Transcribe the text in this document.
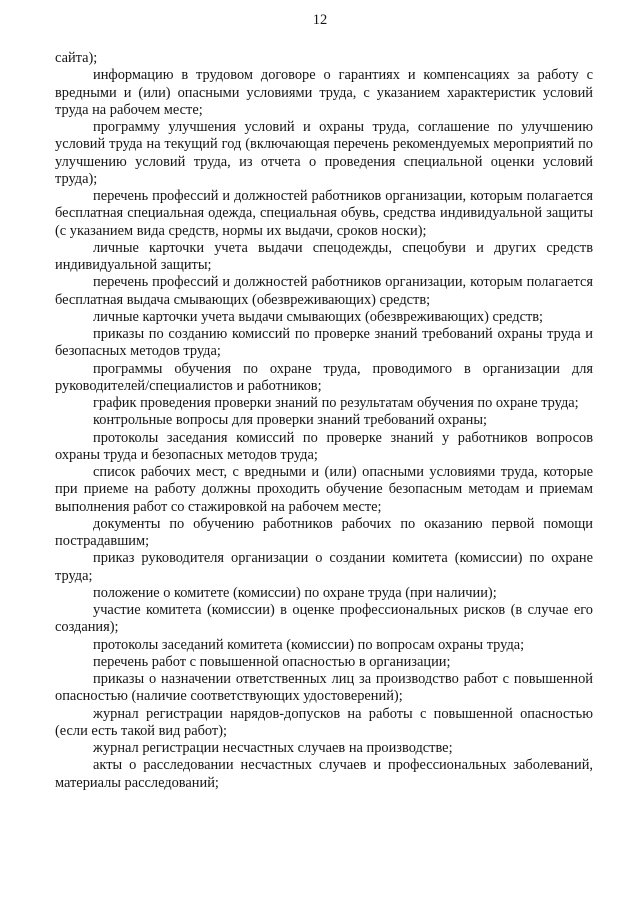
12

сайта);

информацию в трудовом договоре о гарантиях и компенсациях за работу с вредными и (или) опасными условиями труда, с указанием характеристик условий труда на рабочем месте;

программу улучшения условий и охраны труда, соглашение по улучшению условий труда на текущий год (включающая перечень рекомендуемых мероприятий по улучшению условий труда, из отчета о проведения специальной оценки условий труда);

перечень профессий и должностей работников организации, которым полагается бесплатная специальная одежда, специальная обувь, средства индивидуальной защиты (с указанием вида средств, нормы их выдачи, сроков носки);

личные карточки учета выдачи спецодежды, спецобуви и других средств индивидуальной защиты;

перечень профессий и должностей работников организации, которым полагается бесплатная выдача смывающих (обезвреживающих) средств;

личные карточки учета выдачи смывающих (обезвреживающих) средств;

приказы по созданию комиссий по проверке знаний требований охраны труда и безопасных методов труда;

программы обучения по охране труда, проводимого в организации для руководителей/специалистов и работников;

график проведения проверки знаний по результатам обучения по охране труда;

контрольные вопросы для проверки знаний требований охраны;

протоколы заседания комиссий по проверке знаний у работников вопросов охраны труда и безопасных методов труда;

список рабочих мест, с вредными и (или) опасными условиями труда, которые при приеме на работу должны проходить обучение безопасным методам и приемам выполнения работ со стажировкой на рабочем месте;

документы по обучению работников рабочих по оказанию первой помощи пострадавшим;

приказ руководителя организации о создании комитета (комиссии) по охране труда;

положение о комитете (комиссии) по охране труда (при наличии);

участие комитета (комиссии) в оценке профессиональных рисков (в случае его создания);

протоколы заседаний комитета (комиссии) по вопросам охраны труда;

перечень работ с повышенной опасностью в организации;

приказы о назначении ответственных лиц за производство работ с повышенной опасностью (наличие соответствующих удостоверений);

журнал регистрации нарядов-допусков на работы с повышенной опасностью (если есть такой вид работ);

журнал регистрации несчастных случаев на производстве;

акты о расследовании несчастных случаев и профессиональных заболеваний, материалы расследований;
